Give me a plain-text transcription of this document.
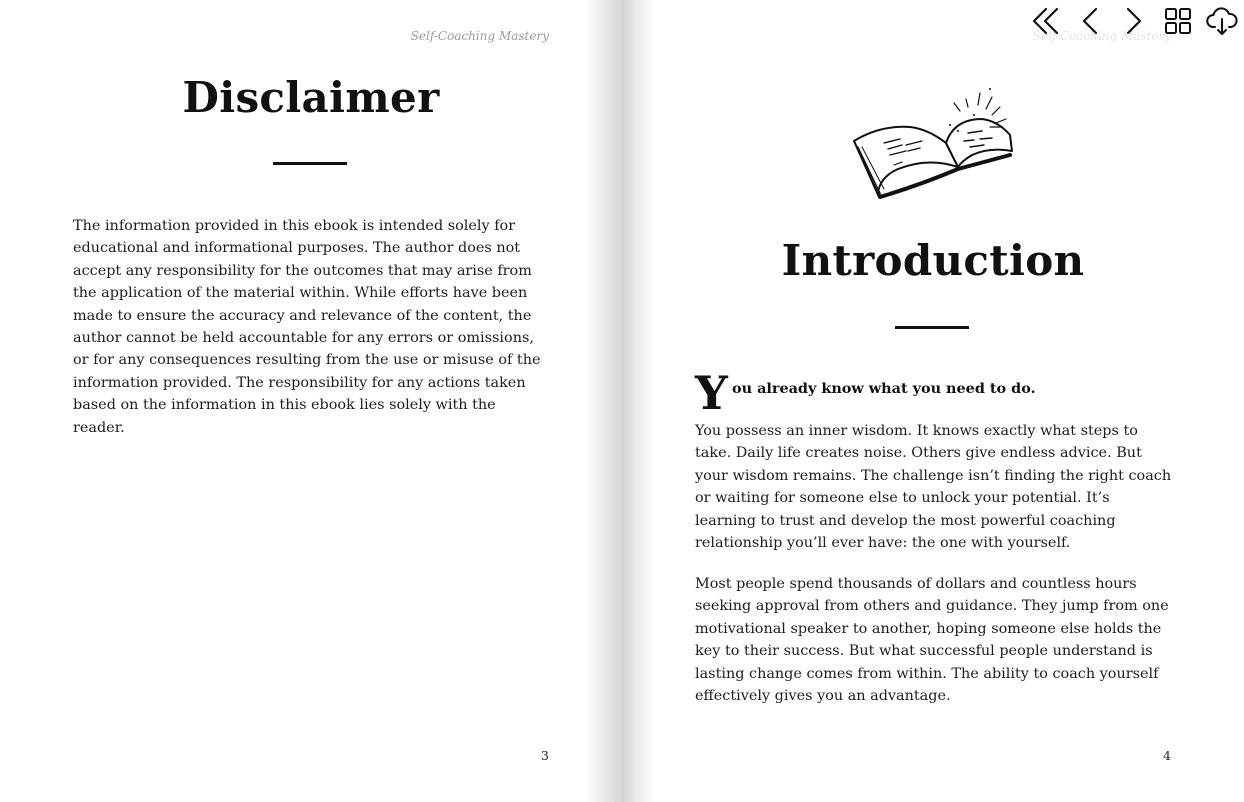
Self-Coaching Mastery
Disclaimer

The information provided in this ebook is intended solely for educational and informational purposes. The author does not accept any responsibility for the outcomes that may arise from the application of the material within. While efforts have been made to ensure the accuracy and relevance of the content, the author cannot be held accountable for any errors or omissions, or for any consequences resulting from the use or misuse of the information provided. The responsibility for any actions taken based on the information in this ebook lies solely with the reader.

3
Self-Coaching Mastery
Introduction
Y ou already know what you need to do.

You possess an inner wisdom. It knows exactly what steps to take. Daily life creates noise. Others give endless advice. But your wisdom remains. The challenge isn’t finding the right coach or waiting for someone else to unlock your potential. It’s learning to trust and develop the most powerful coaching relationship you’ll ever have: the one with yourself.

Most people spend thousands of dollars and countless hours seeking approval from others and guidance. They jump from one motivational speaker to another, hoping someone else holds the key to their success. But what successful people understand is lasting change comes from within. The ability to coach yourself effectively gives you an advantage.

4
